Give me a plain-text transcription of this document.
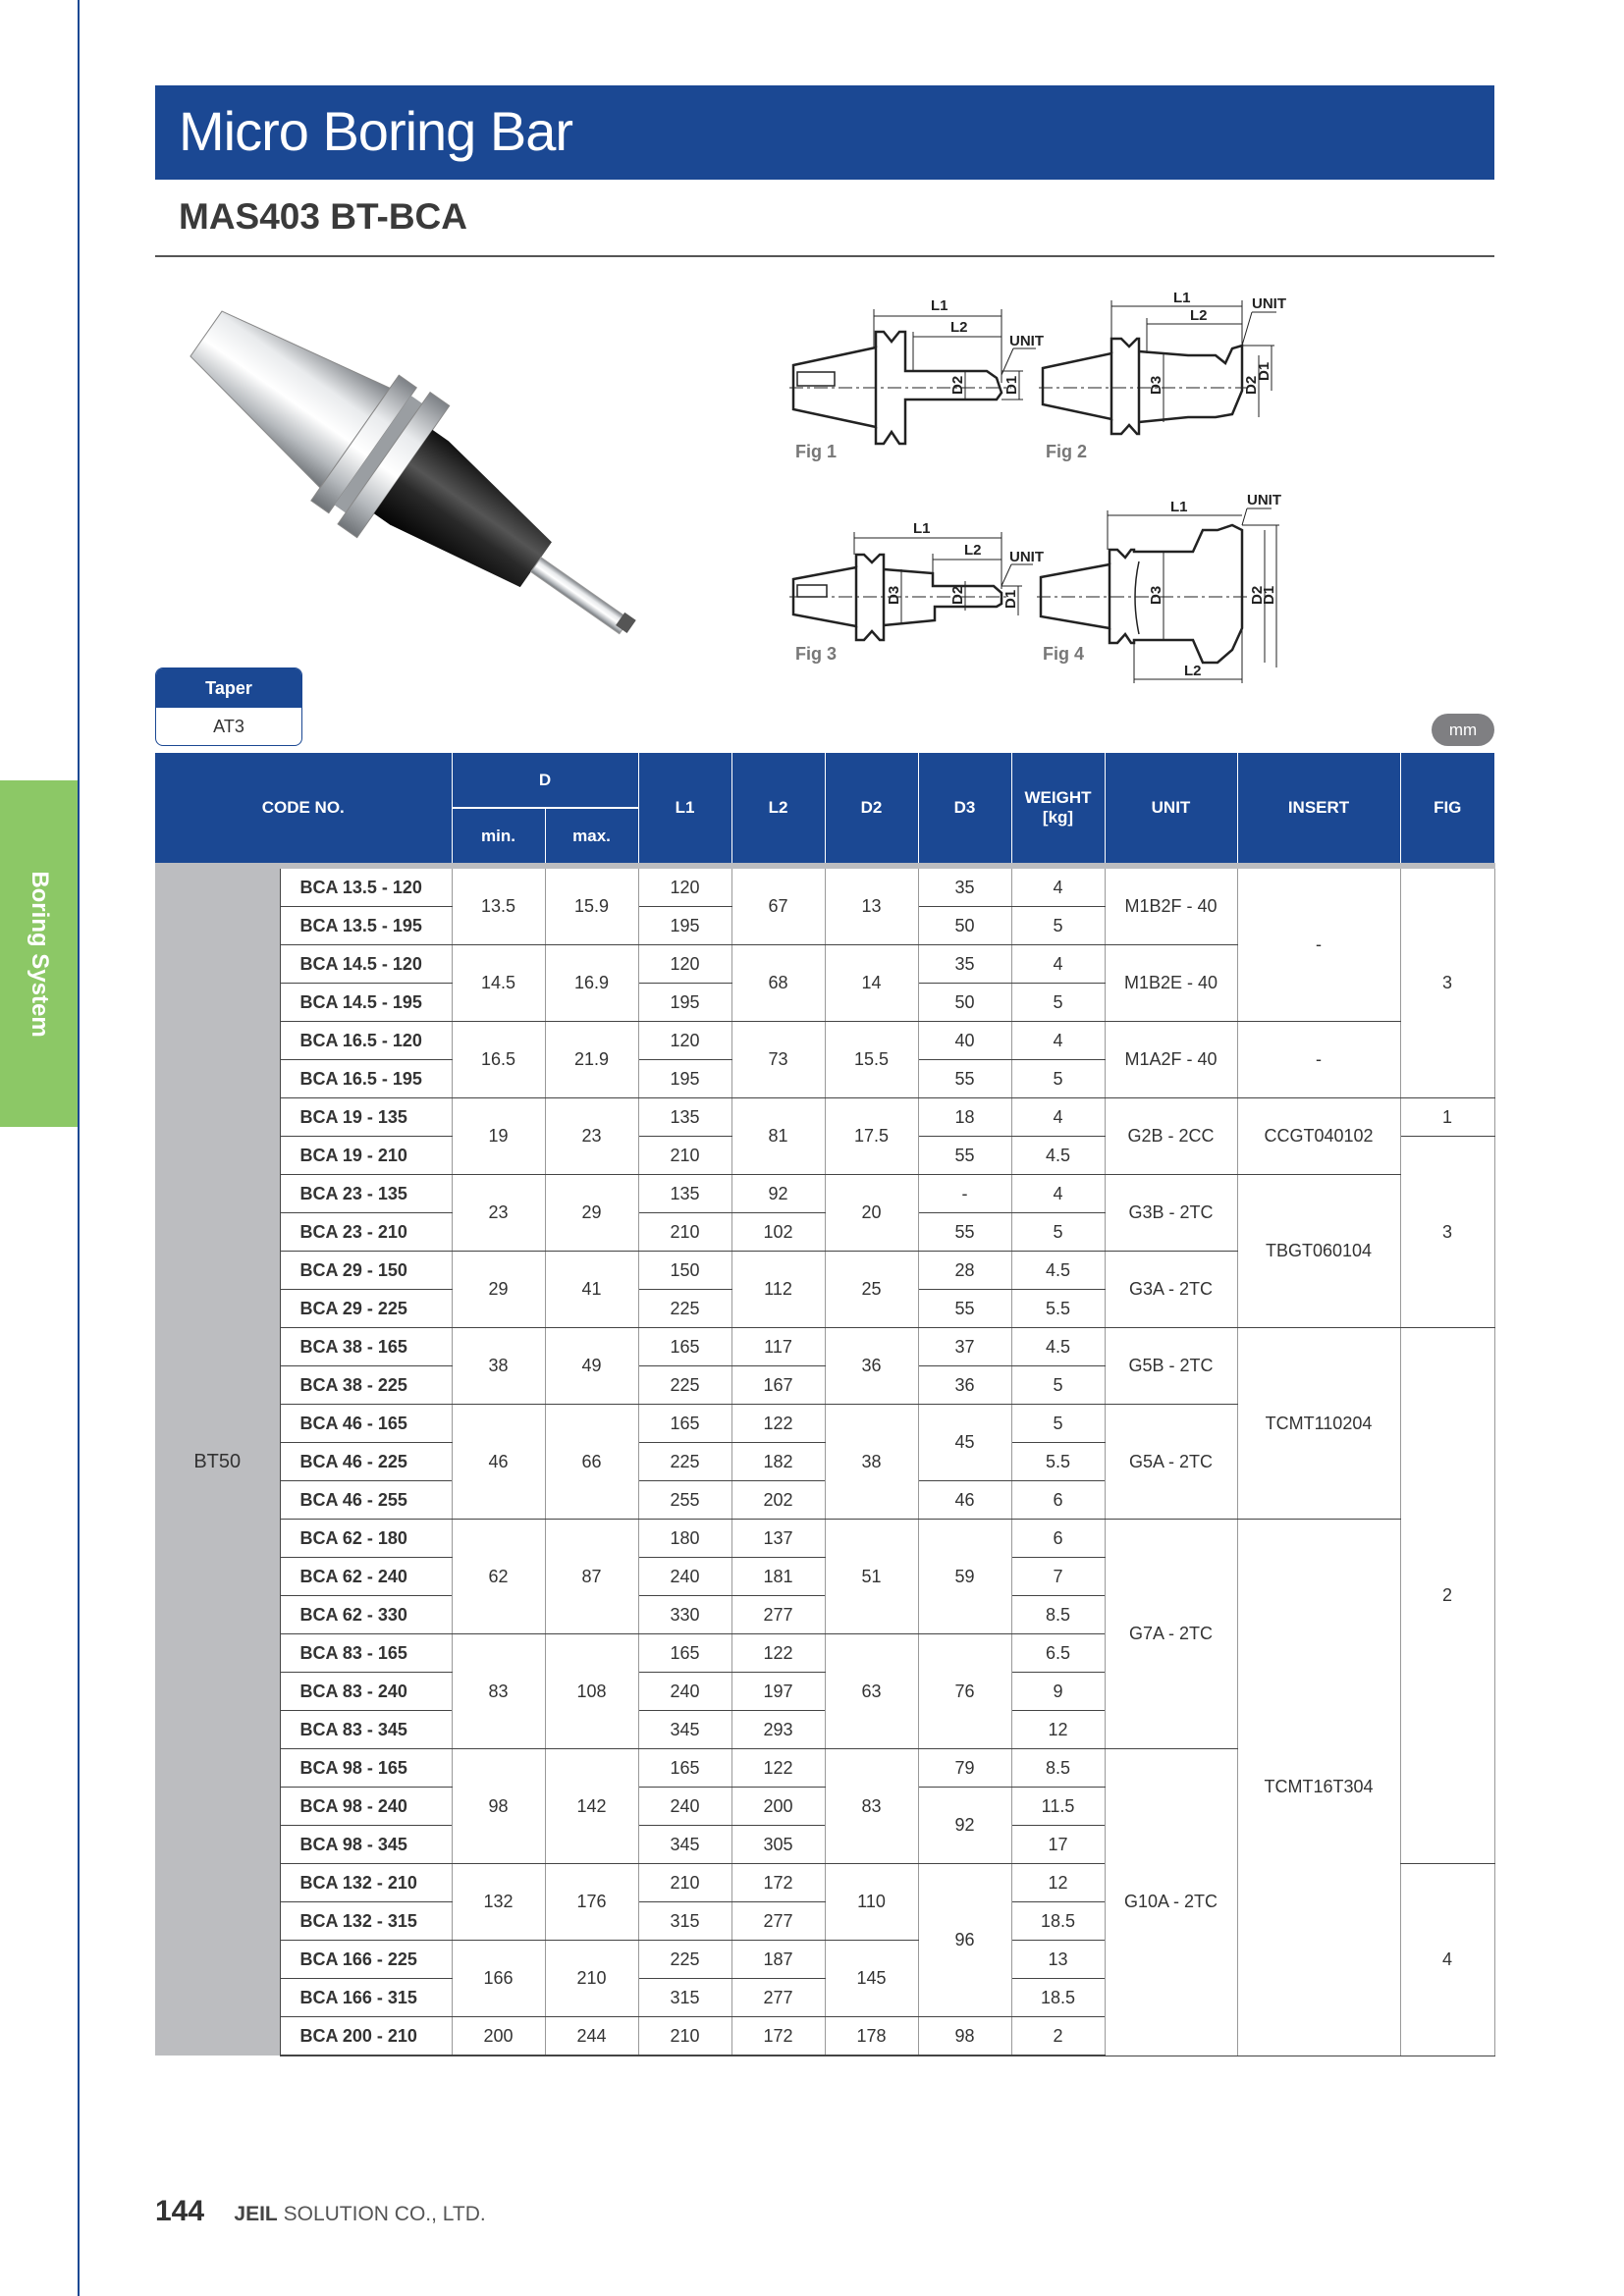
Boring System
Micro Boring Bar
MAS403 BT-BCA
L1
L2
UNIT
D2	D1
Fig 1
L1
L2
UNIT
D3	D2
D1
Fig 2
L1
L2 UNIT
D3	D2 D1
Fig 3
L1
L2
UNIT
D3	D2
D1
Fig 4
Taper
AT3	mm
CODE NO.		D		L1	L2	D2	D3	WEIGHT [kg]	UNIT	INSERT	FIG
		min.	max.								
BT50	BCA 13.5 - 120	13.5	15.9	120	67	13	35	4	M1B2F - 40	-	3
	BCA 13.5 - 195			195			50	5			
	BCA 14.5 - 120	14.5	16.9	120	68	14	35	4	M1B2E - 40		
	BCA 14.5 - 195			195			50	5			
	BCA 16.5 - 120	16.5	21.9	120	73	15.5	40	4	M1A2F - 40	-	
	BCA 16.5 - 195			195			55	5			
	BCA 19 - 135	19	23	135	81	17.5	18	4	G2B - 2CC	CCGT040102	1
	BCA 19 - 210			210			55	4.5			3
	BCA 23 - 135	23	29	135	92	20	-	4	G3B - 2TC	TBGT060104	
	BCA 23 - 210			210	102		55	5			
	BCA 29 - 150	29	41	150	112	25	28	4.5	G3A - 2TC		
	BCA 29 - 225			225			55	5.5			
	BCA 38 - 165	38	49	165	117	36	37	4.5	G5B - 2TC	TCMT110204	2
	BCA 38 - 225			225	167		36	5			
	BCA 46 - 165	46	66	165	122	38	45	5	G5A - 2TC		
	BCA 46 - 225			225	182			5.5			
	BCA 46 - 255			255	202		46	6			
	BCA 62 - 180	62	87	180	137	51	59	6	G7A - 2TC	TCMT16T304	
	BCA 62 - 240			240	181			7			
	BCA 62 - 330			330	277			8.5			
	BCA 83 - 165	83	108	165	122	63	76	6.5			
	BCA 83 - 240			240	197			9			
	BCA 83 - 345			345	293			12			
	BCA 98 - 165	98	142	165	122	83	79	8.5	G10A - 2TC		
	BCA 98 - 240			240	200		92	11.5			
	BCA 98 - 345			345	305			17			
	BCA 132 - 210	132	176	210	172	110	96	12			4
	BCA 132 - 315			315	277			18.5			
	BCA 166 - 225	166	210	225	187	145		13			
	BCA 166 - 315			315	277			18.5			
	BCA 200 - 210	200	244	210	172	178	98	2			
144 JEIL SOLUTION CO., LTD.
